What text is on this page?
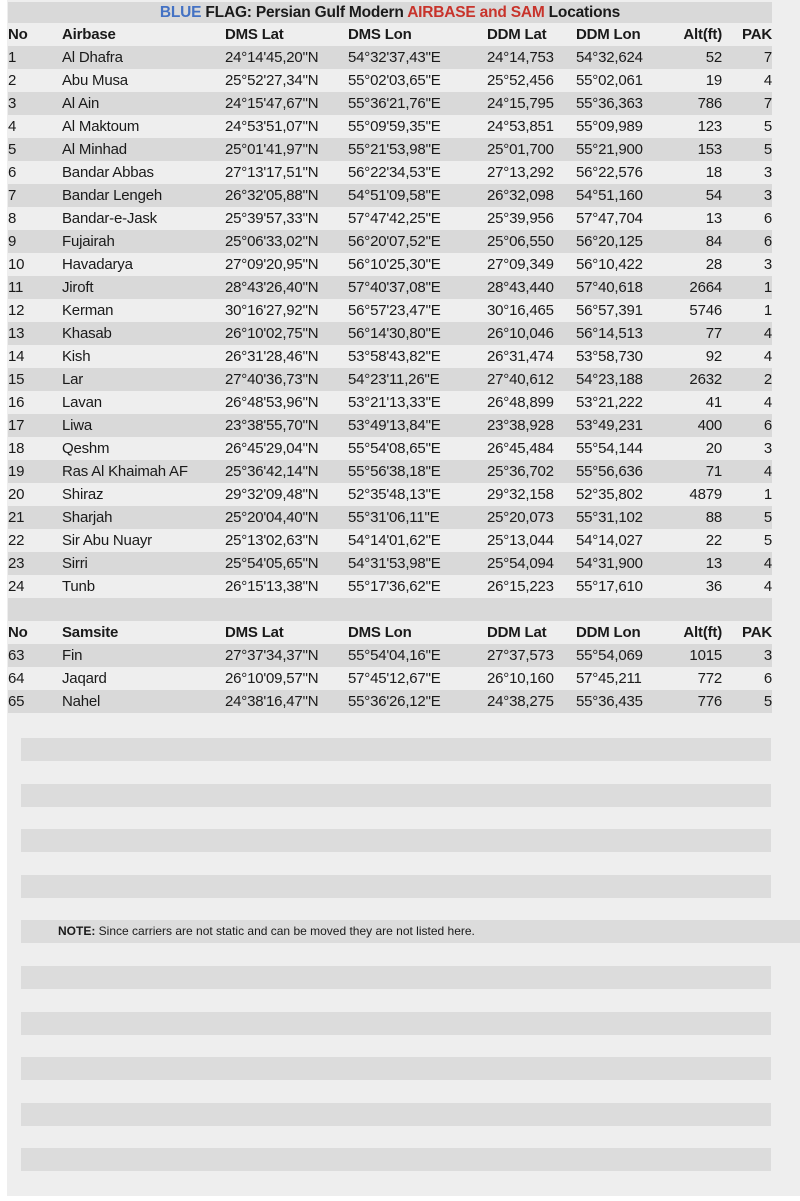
BLUE FLAG: Persian Gulf Modern AIRBASE and SAM Locations
No	Airbase	DMS Lat	DMS Lon	DDM Lat	DDM Lon	Alt(ft)	PAK
1	Al Dhafra	24°14'45,20"N	54°32'37,43"E	24°14,753	54°32,624	52	7
2	Abu Musa	25°52'27,34"N	55°02'03,65"E	25°52,456	55°02,061	19	4
3	Al Ain	24°15'47,67"N	55°36'21,76"E	24°15,795	55°36,363	786	7
4	Al Maktoum	24°53'51,07"N	55°09'59,35"E	24°53,851	55°09,989	123	5
5	Al Minhad	25°01'41,97"N	55°21'53,98"E	25°01,700	55°21,900	153	5
6	Bandar Abbas	27°13'17,51"N	56°22'34,53"E	27°13,292	56°22,576	18	3
7	Bandar Lengeh	26°32'05,88"N	54°51'09,58"E	26°32,098	54°51,160	54	3
8	Bandar-e-Jask	25°39'57,33"N	57°47'42,25"E	25°39,956	57°47,704	13	6
9	Fujairah	25°06'33,02"N	56°20'07,52"E	25°06,550	56°20,125	84	6
10	Havadarya	27°09'20,95"N	56°10'25,30"E	27°09,349	56°10,422	28	3
11	Jiroft	28°43'26,40"N	57°40'37,08"E	28°43,440	57°40,618	2664	1
12	Kerman	30°16'27,92"N	56°57'23,47"E	30°16,465	56°57,391	5746	1
13	Khasab	26°10'02,75"N	56°14'30,80"E	26°10,046	56°14,513	77	4
14	Kish	26°31'28,46"N	53°58'43,82"E	26°31,474	53°58,730	92	4
15	Lar	27°40'36,73"N	54°23'11,26"E	27°40,612	54°23,188	2632	2
16	Lavan	26°48'53,96"N	53°21'13,33"E	26°48,899	53°21,222	41	4
17	Liwa	23°38'55,70"N	53°49'13,84"E	23°38,928	53°49,231	400	6
18	Qeshm	26°45'29,04"N	55°54'08,65"E	26°45,484	55°54,144	20	3
19	Ras Al Khaimah AF	25°36'42,14"N	55°56'38,18"E	25°36,702	55°56,636	71	4
20	Shiraz	29°32'09,48"N	52°35'48,13"E	29°32,158	52°35,802	4879	1
21	Sharjah	25°20'04,40"N	55°31'06,11"E	25°20,073	55°31,102	88	5
22	Sir Abu Nuayr	25°13'02,63"N	54°14'01,62"E	25°13,044	54°14,027	22	5
23	Sirri	25°54'05,65"N	54°31'53,98"E	25°54,094	54°31,900	13	4
24	Tunb	26°15'13,38"N	55°17'36,62"E	26°15,223	55°17,610	36	4
No	Samsite	DMS Lat	DMS Lon	DDM Lat	DDM Lon	Alt(ft)	PAK
63	Fin	27°37'34,37"N	55°54'04,16"E	27°37,573	55°54,069	1015	3
64	Jaqard	26°10'09,57"N	57°45'12,67"E	26°10,160	57°45,211	772	6
65	Nahel	24°38'16,47"N	55°36'26,12"E	24°38,275	55°36,435	776	5
NOTE: Since carriers are not static and can be moved they are not listed here.
